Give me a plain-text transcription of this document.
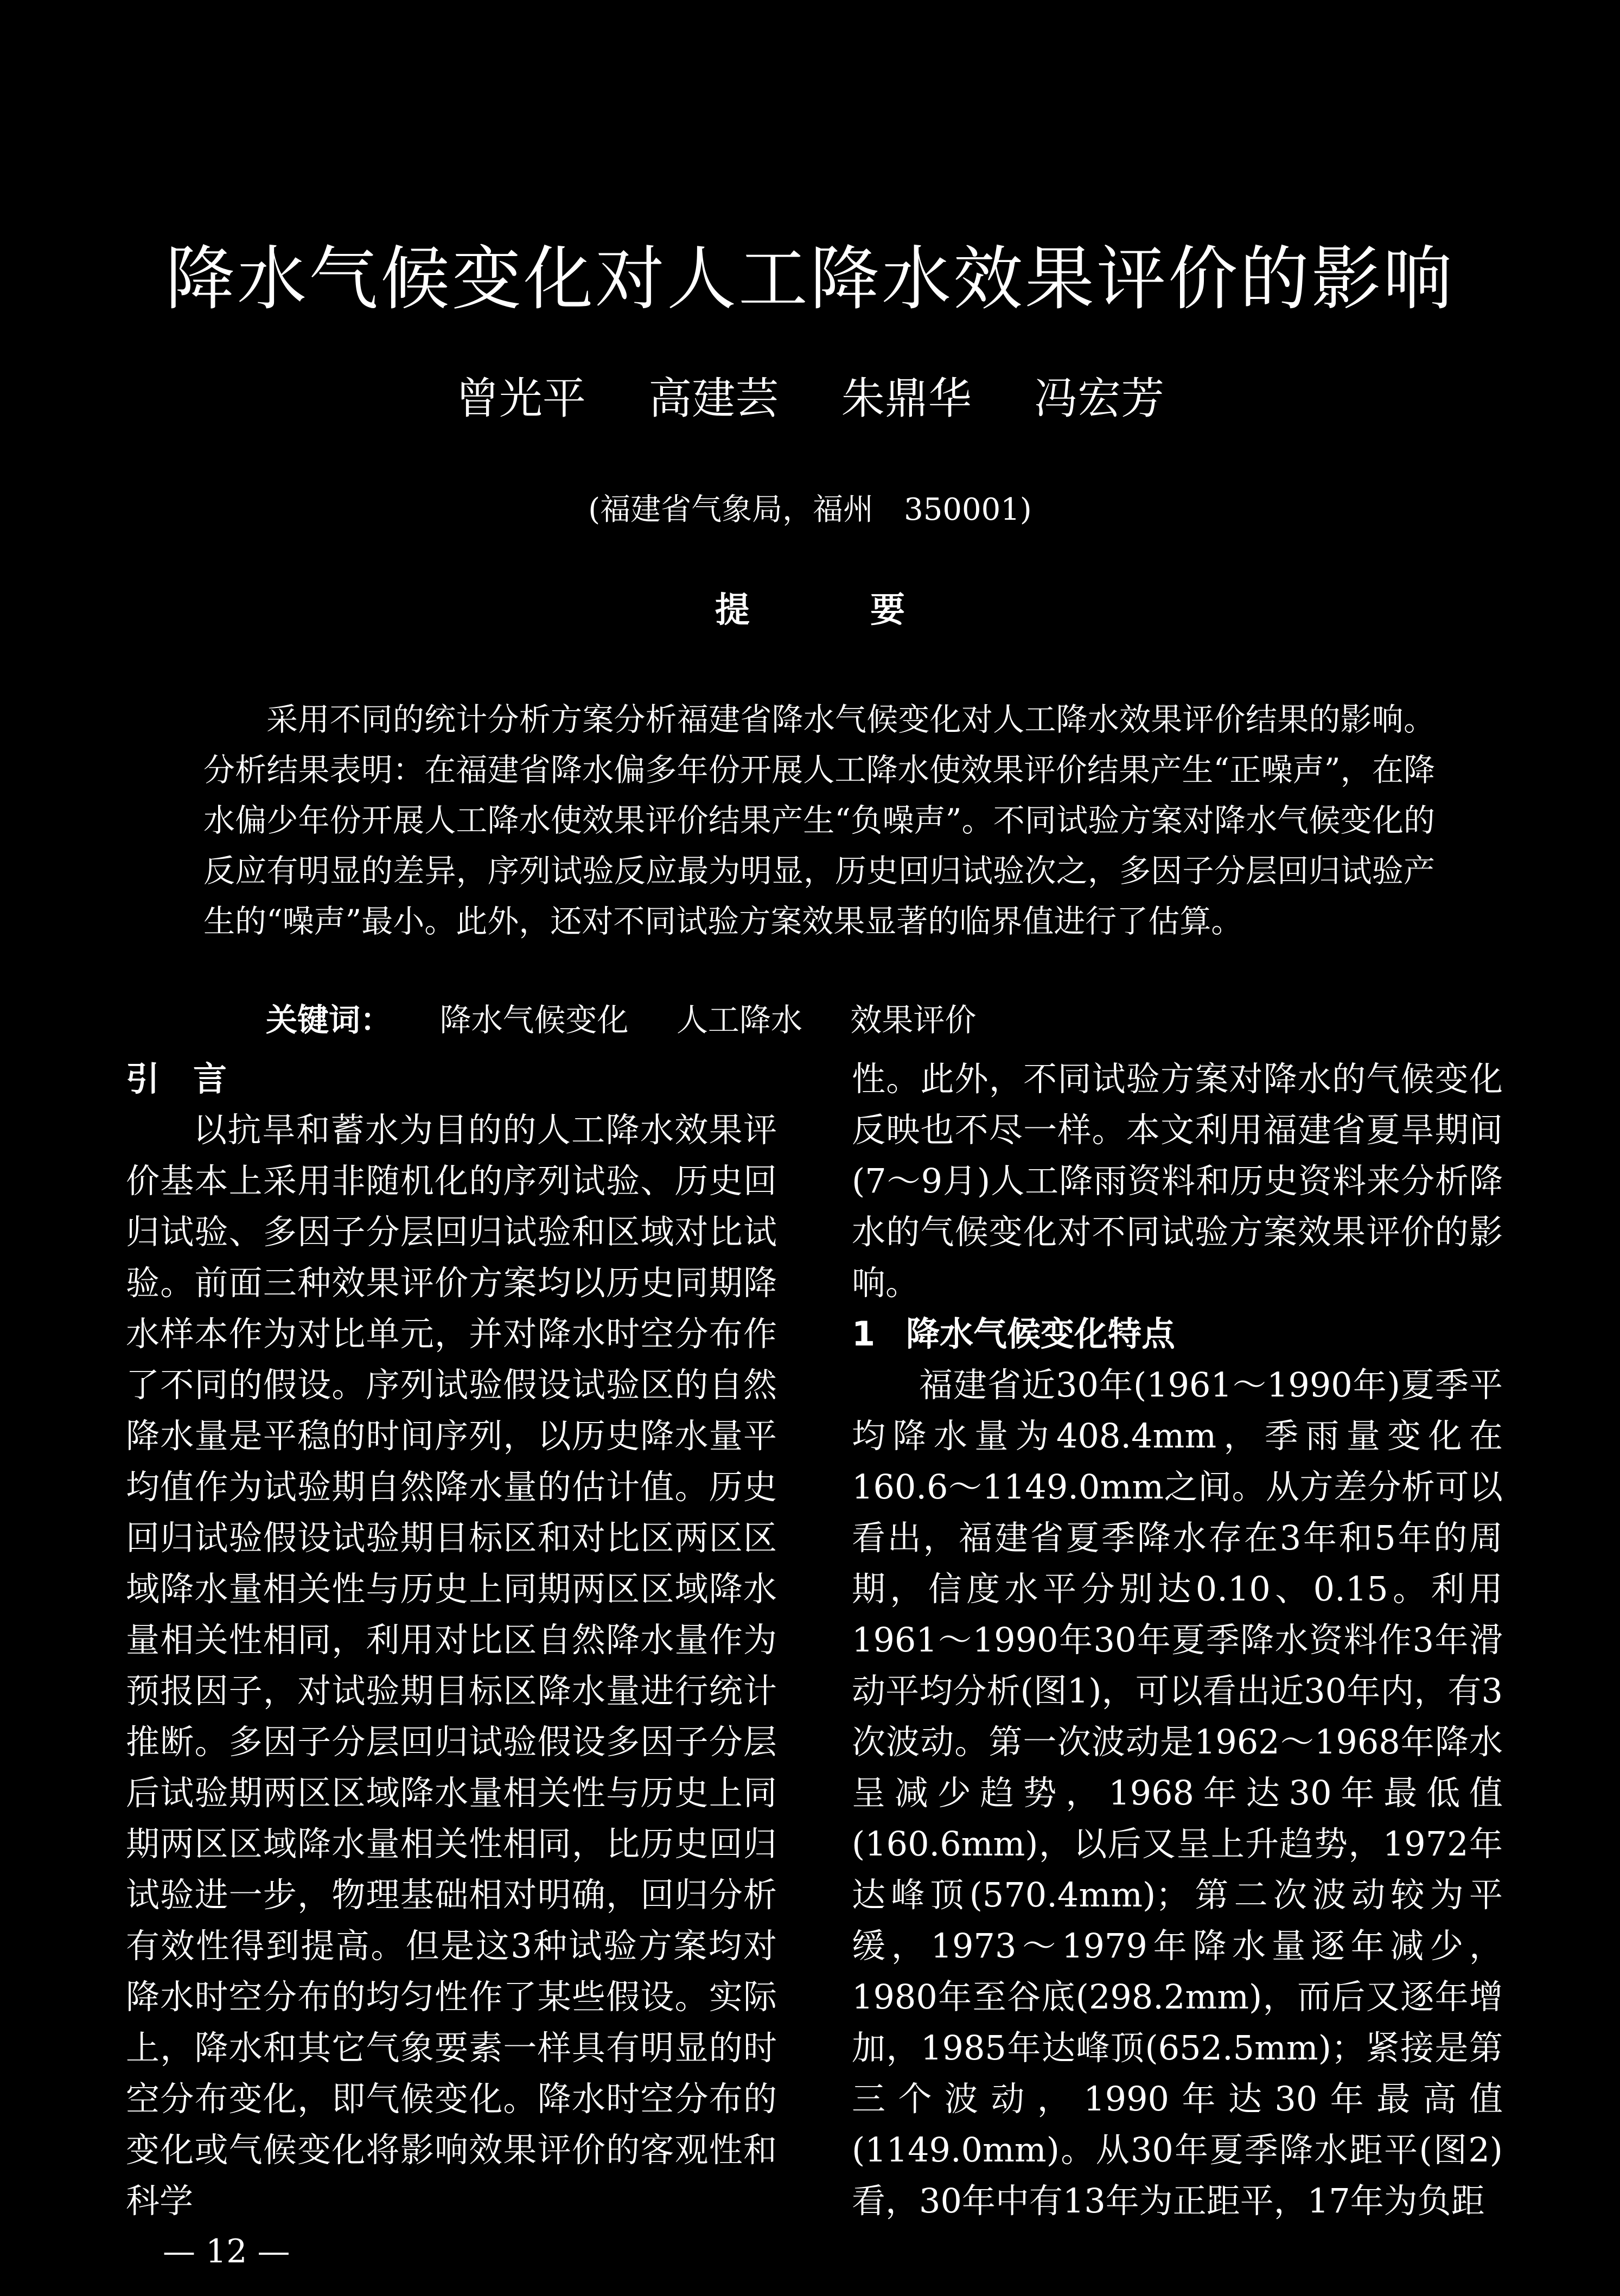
降水气候变化对人工降水效果评价的影响
曾光平 高建芸 朱鼎华 冯宏芳
(福建省气象局，福州　350001)
提	要
采用不同的统计分析方案分析福建省降水气候变化对人工降水效果评价结果的影响。分析结果表明：在福建省降水偏多年份开展人工降水使效果评价结果产生“正噪声”，在降水偏少年份开展人工降水使效果评价结果产生“负噪声”。不同试验方案对降水气候变化的反应有明显的差异，序列试验反应最为明显，历史回归试验次之，多因子分层回归试验产生的“噪声”最小。此外，还对不同试验方案效果显著的临界值进行了估算。
关键词： 降水气候变化 人工降水 效果评价
引　言

以抗旱和蓄水为目的的人工降水效果评价基本上采用非随机化的序列试验、历史回归试验、多因子分层回归试验和区域对比试验。前面三种效果评价方案均以历史同期降水样本作为对比单元，并对降水时空分布作了不同的假设。序列试验假设试验区的自然降水量是平稳的时间序列，以历史降水量平均值作为试验期自然降水量的估计值。历史回归试验假设试验期目标区和对比区两区区域降水量相关性与历史上同期两区区域降水量相关性相同，利用对比区自然降水量作为预报因子，对试验期目标区降水量进行统计推断。多因子分层回归试验假设多因子分层后试验期两区区域降水量相关性与历史上同期两区区域降水量相关性相同，比历史回归试验进一步，物理基础相对明确，回归分析有效性得到提高。但是这3种试验方案均对降水时空分布的均匀性作了某些假设。实际上，降水和其它气象要素一样具有明显的时空分布变化，即气候变化。降水时空分布的变化或气候变化将影响效果评价的客观性和科学

性。此外，不同试验方案对降水的气候变化反映也不尽一样。本文利用福建省夏旱期间(7～9月)人工降雨资料和历史资料来分析降水的气候变化对不同试验方案效果评价的影响。

1 降水气候变化特点

福建省近30年(1961～1990年)夏季平均降水量为408.4mm，季雨量变化在160.6～1149.0mm之间。从方差分析可以看出，福建省夏季降水存在3年和5年的周期，信度水平分别达0.10、0.15。利用1961～1990年30年夏季降水资料作3年滑动平均分析(图1)，可以看出近30年内，有3次波动。第一次波动是1962～1968年降水呈减少趋势，1968年达30年最低值(160.6mm)，以后又呈上升趋势，1972年达峰顶(570.4mm)；第二次波动较为平缓，1973～1979年降水量逐年减少，1980年至谷底(298.2mm)，而后又逐年增加，1985年达峰顶(652.5mm)；紧接是第三个波动，1990年达30年最高值(1149.0mm)。从30年夏季降水距平(图2)看，30年中有13年为正距平，17年为负距

— 12 —
